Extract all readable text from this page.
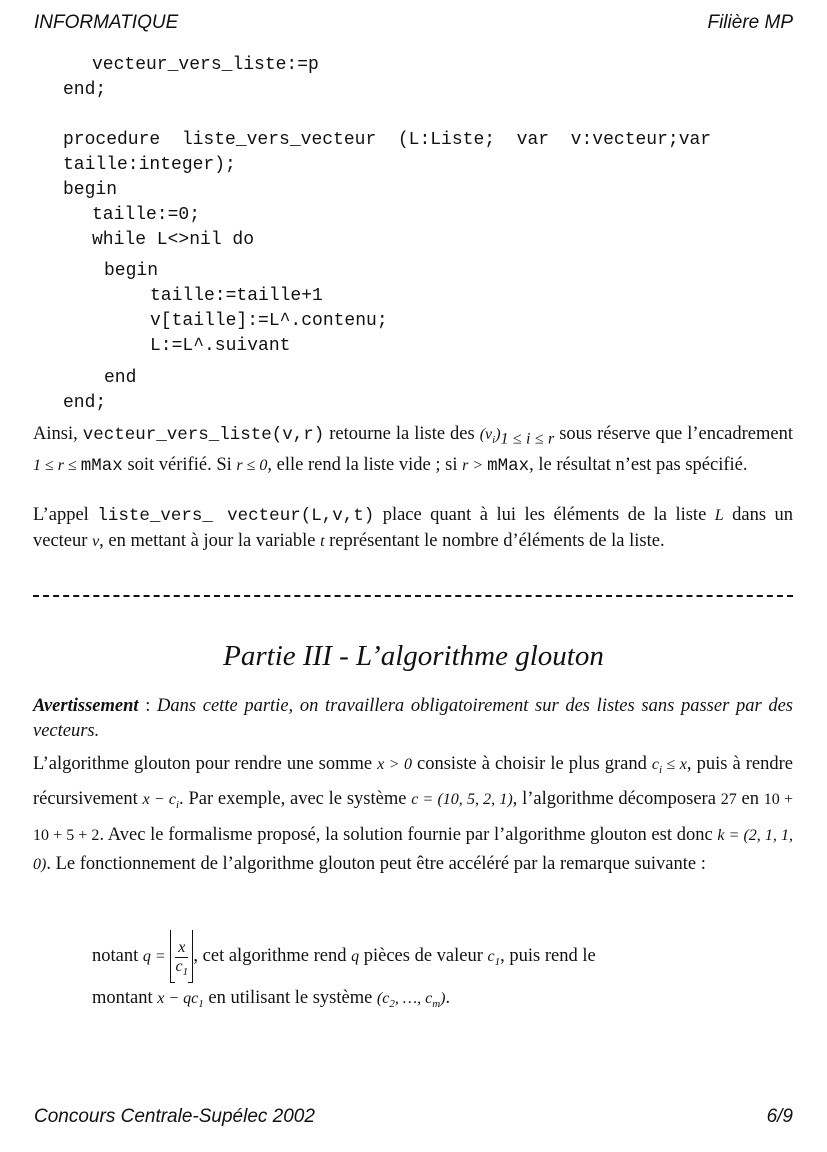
INFORMATIQUE	Filière MP
vecteur_vers_liste:=p
end;
procedure  liste_vers_vecteur  (L:Liste;  var  v:vecteur;var
taille:integer);
begin
taille:=0;
while L<>nil do
begin
taille:=taille+1
v[taille]:=L^.contenu;
L:=L^.suivant
end
end;
Ainsi, vecteur_vers_liste(v,r) retourne la liste des $(v_i)_{1 \le i \le r}$ sous réserve que l’encadrement 1 ≤ r ≤ mMax soit vérifié. Si r ≤ 0, elle rend la liste vide ; si r > mMax, le résultat n’est pas spécifié.
L’appel liste_vers_ vecteur(L,v,t) place quant à lui les éléments de la liste L dans un vecteur v, en mettant à jour la variable t représentant le nombre d’éléments de la liste.
Partie III - L’algorithme glouton
Avertissement : Dans cette partie, on travaillera obligatoirement sur des listes sans passer par des vecteurs.
L’algorithme glouton pour rendre une somme x > 0 consiste à choisir le plus grand $c_i \le x$, puis à rendre récursivement $x - c_i$. Par exemple, avec le système c = (10, 5, 2, 1), l’algorithme décomposera 27 en 10 + 10 + 5 + 2. Avec le formalisme proposé, la solution fournie par l’algorithme glouton est donc k = (2, 1, 1, 0). Le fonctionnement de l’algorithme glouton peut être accéléré par la remarque suivante :
notant $q = \frac{x}{c_1}$ , cet algorithme rend q pièces de valeur $c_1$, puis rend le
montant $x - qc_1$ en utilisant le système ($c_2$, …, $c_m$).
Concours Centrale-Supélec 2002	6/9
